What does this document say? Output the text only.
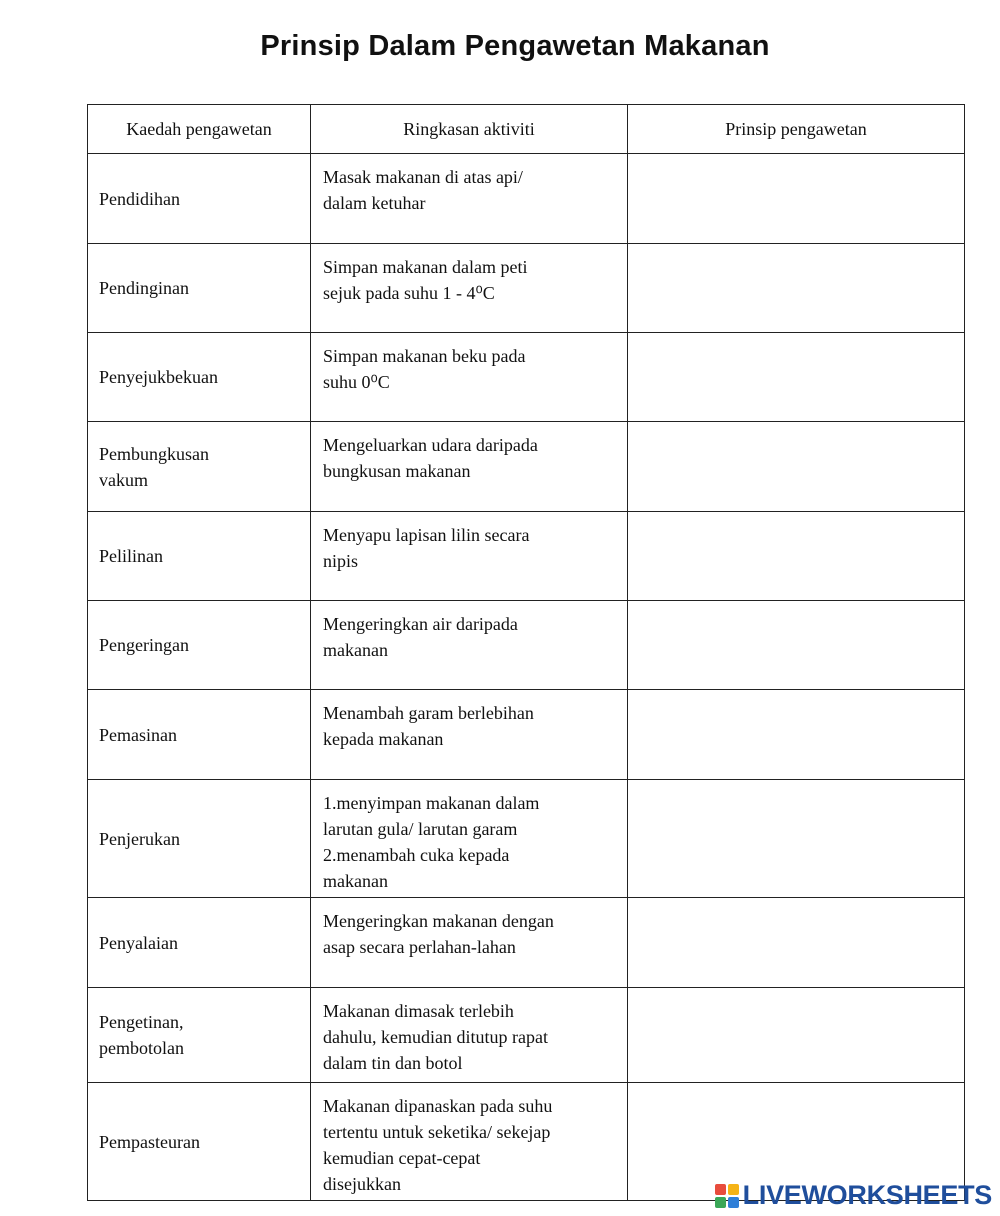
Prinsip Dalam Pengawetan Makanan
Kaedah pengawetan	Ringkasan aktiviti	Prinsip pengawetan

Pendidihan	Masak makanan di atas api/
dalam ketuhar	

Pendinginan	Simpan makanan dalam peti
sejuk pada suhu 1 - 4⁰C	

Penyejukbekuan	Simpan makanan beku pada
suhu 0⁰C	

Pembungkusan
vakum	Mengeluarkan udara daripada
bungkusan makanan	

Pelilinan	Menyapu lapisan lilin secara
nipis	

Pengeringan	Mengeringkan air daripada
makanan	

Pemasinan	Menambah garam berlebihan
kepada makanan	

Penjerukan	1.menyimpan makanan dalam
larutan gula/ larutan garam
2.menambah cuka kepada
makanan	

Penyalaian	Mengeringkan makanan dengan
asap secara perlahan-lahan	

Pengetinan,
pembotolan	Makanan dimasak terlebih
dahulu, kemudian ditutup rapat
dalam tin dan botol	

Pempasteuran	Makanan dipanaskan pada suhu
tertentu untuk seketika/ sekejap
kemudian cepat-cepat
disejukkan	
		LIVEWORKSHEETS
